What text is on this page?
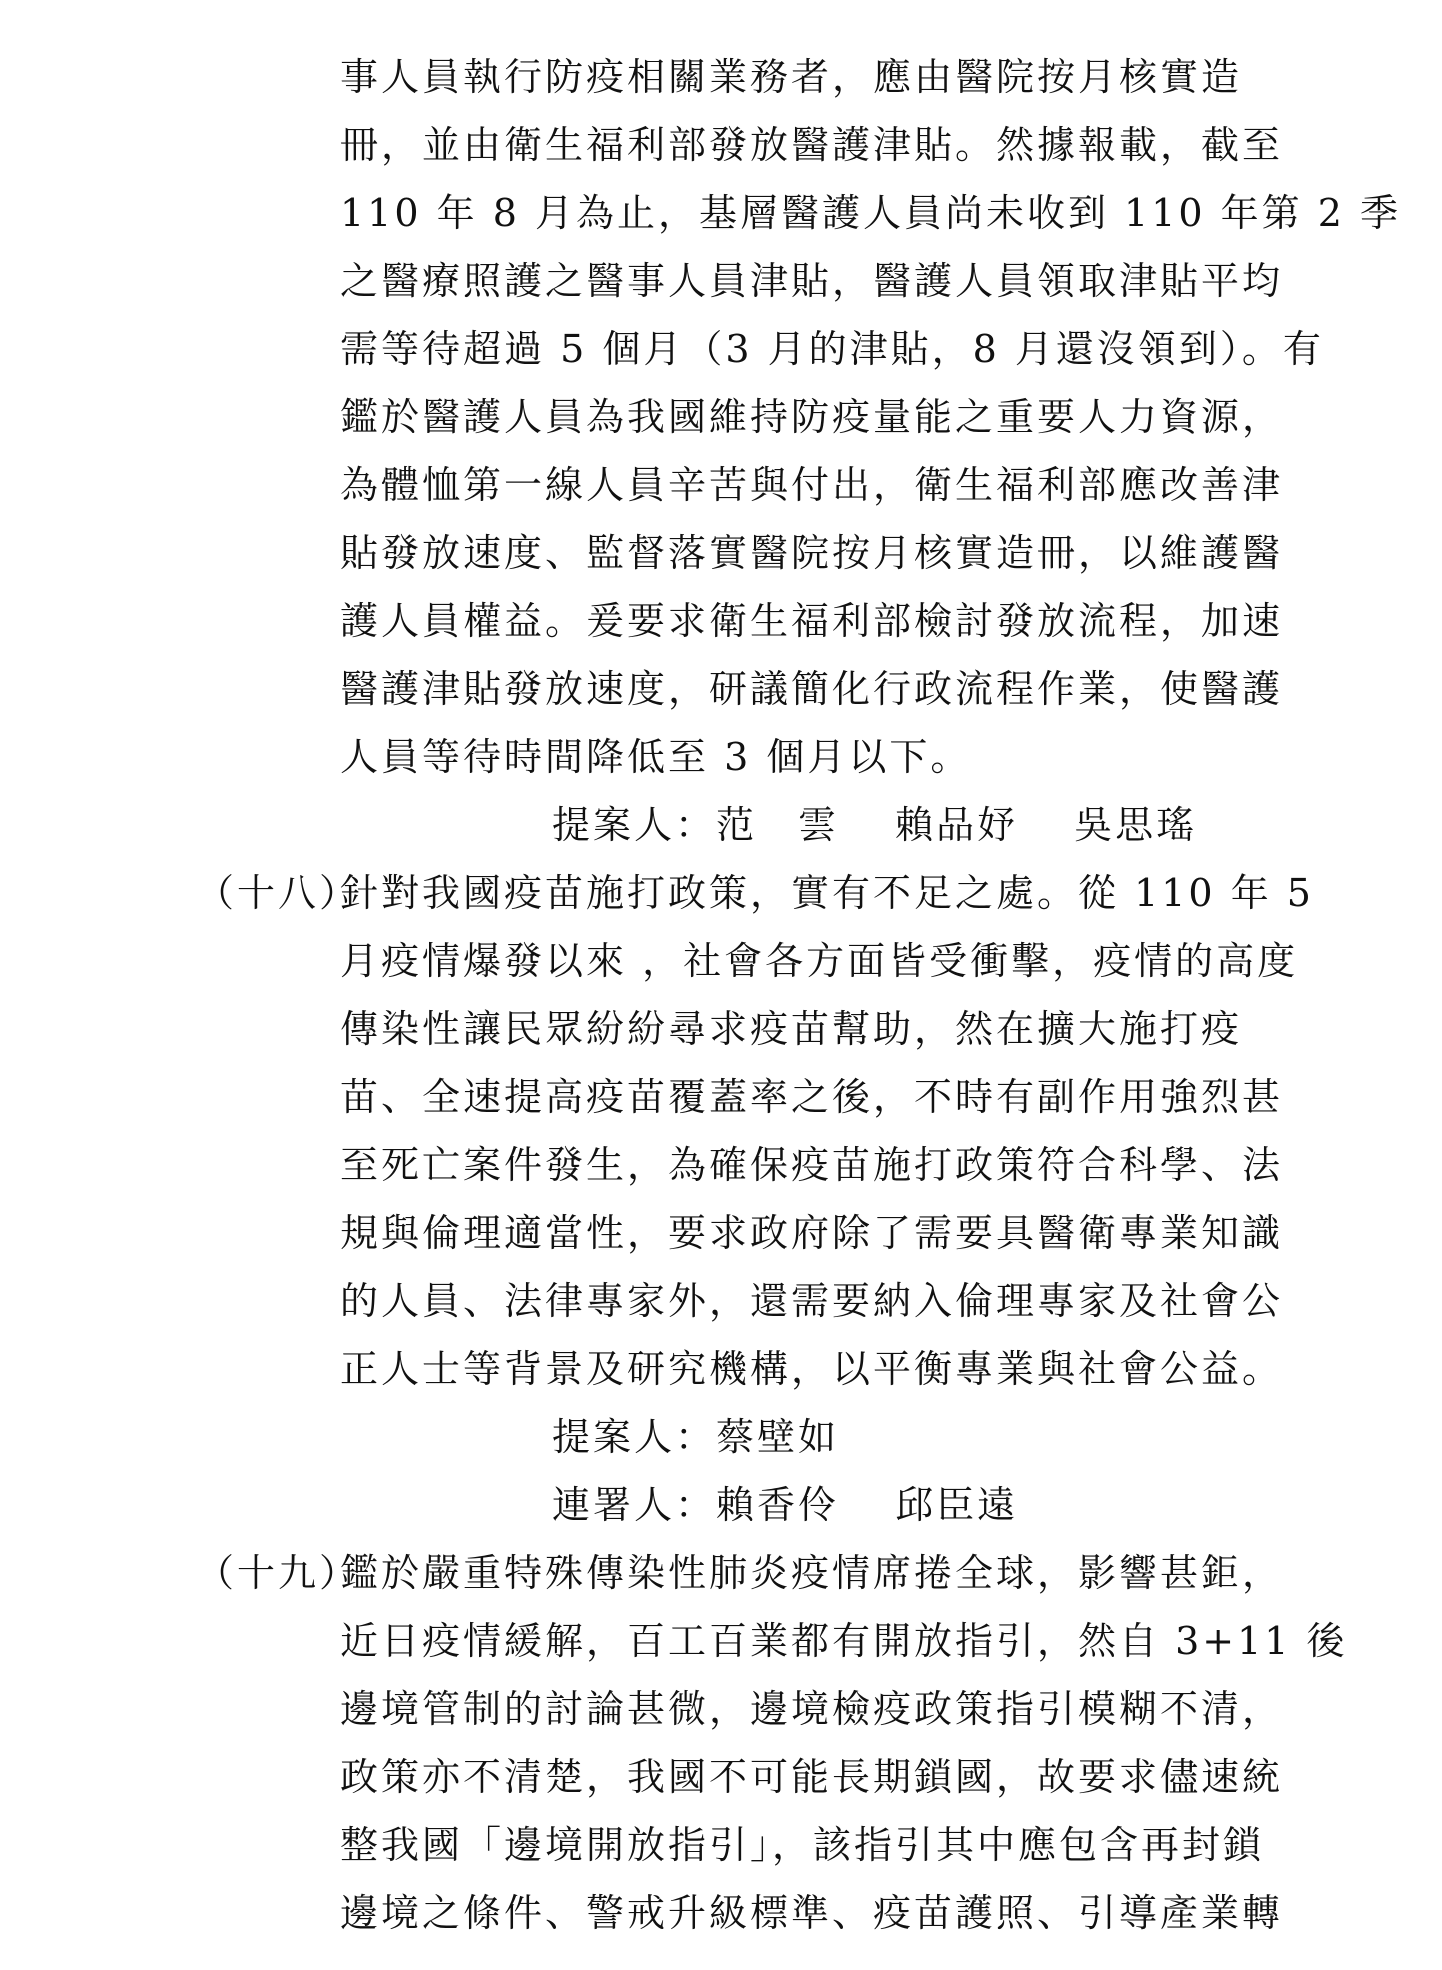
事人員執行防疫相關業務者，應由醫院按月核實造
冊，並由衛生福利部發放醫護津貼。然據報載，截至
110 年 8 月為止，基層醫護人員尚未收到 110 年第 2 季
之醫療照護之醫事人員津貼，醫護人員領取津貼平均
需等待超過 5 個月（3 月的津貼，8 月還沒領到）。有
鑑於醫護人員為我國維持防疫量能之重要人力資源，
為體恤第一線人員辛苦與付出，衛生福利部應改善津
貼發放速度、監督落實醫院按月核實造冊，以維護醫
護人員權益。爰要求衛生福利部檢討發放流程，加速
醫護津貼發放速度，研議簡化行政流程作業，使醫護
人員等待時間降低至 3 個月以下。
提案人：范　雲　 賴品妤　 吳思瑤
（十八）
針對我國疫苗施打政策，實有不足之處。從 110 年 5
月疫情爆發以來 ，社會各方面皆受衝擊，疫情的高度
傳染性讓民眾紛紛尋求疫苗幫助，然在擴大施打疫
苗、全速提高疫苗覆蓋率之後，不時有副作用強烈甚
至死亡案件發生，為確保疫苗施打政策符合科學、法
規與倫理適當性，要求政府除了需要具醫衛專業知識
的人員、法律專家外，還需要納入倫理專家及社會公
正人士等背景及研究機構，以平衡專業與社會公益。
提案人：蔡壁如
連署人：賴香伶　 邱臣遠
（十九）
鑑於嚴重特殊傳染性肺炎疫情席捲全球，影響甚鉅，
近日疫情緩解，百工百業都有開放指引，然自 3+11 後
邊境管制的討論甚微，邊境檢疫政策指引模糊不清，
政策亦不清楚，我國不可能長期鎖國，故要求儘速統
整我國「邊境開放指引」，該指引其中應包含再封鎖
邊境之條件、警戒升級標準、疫苗護照、引導產業轉
